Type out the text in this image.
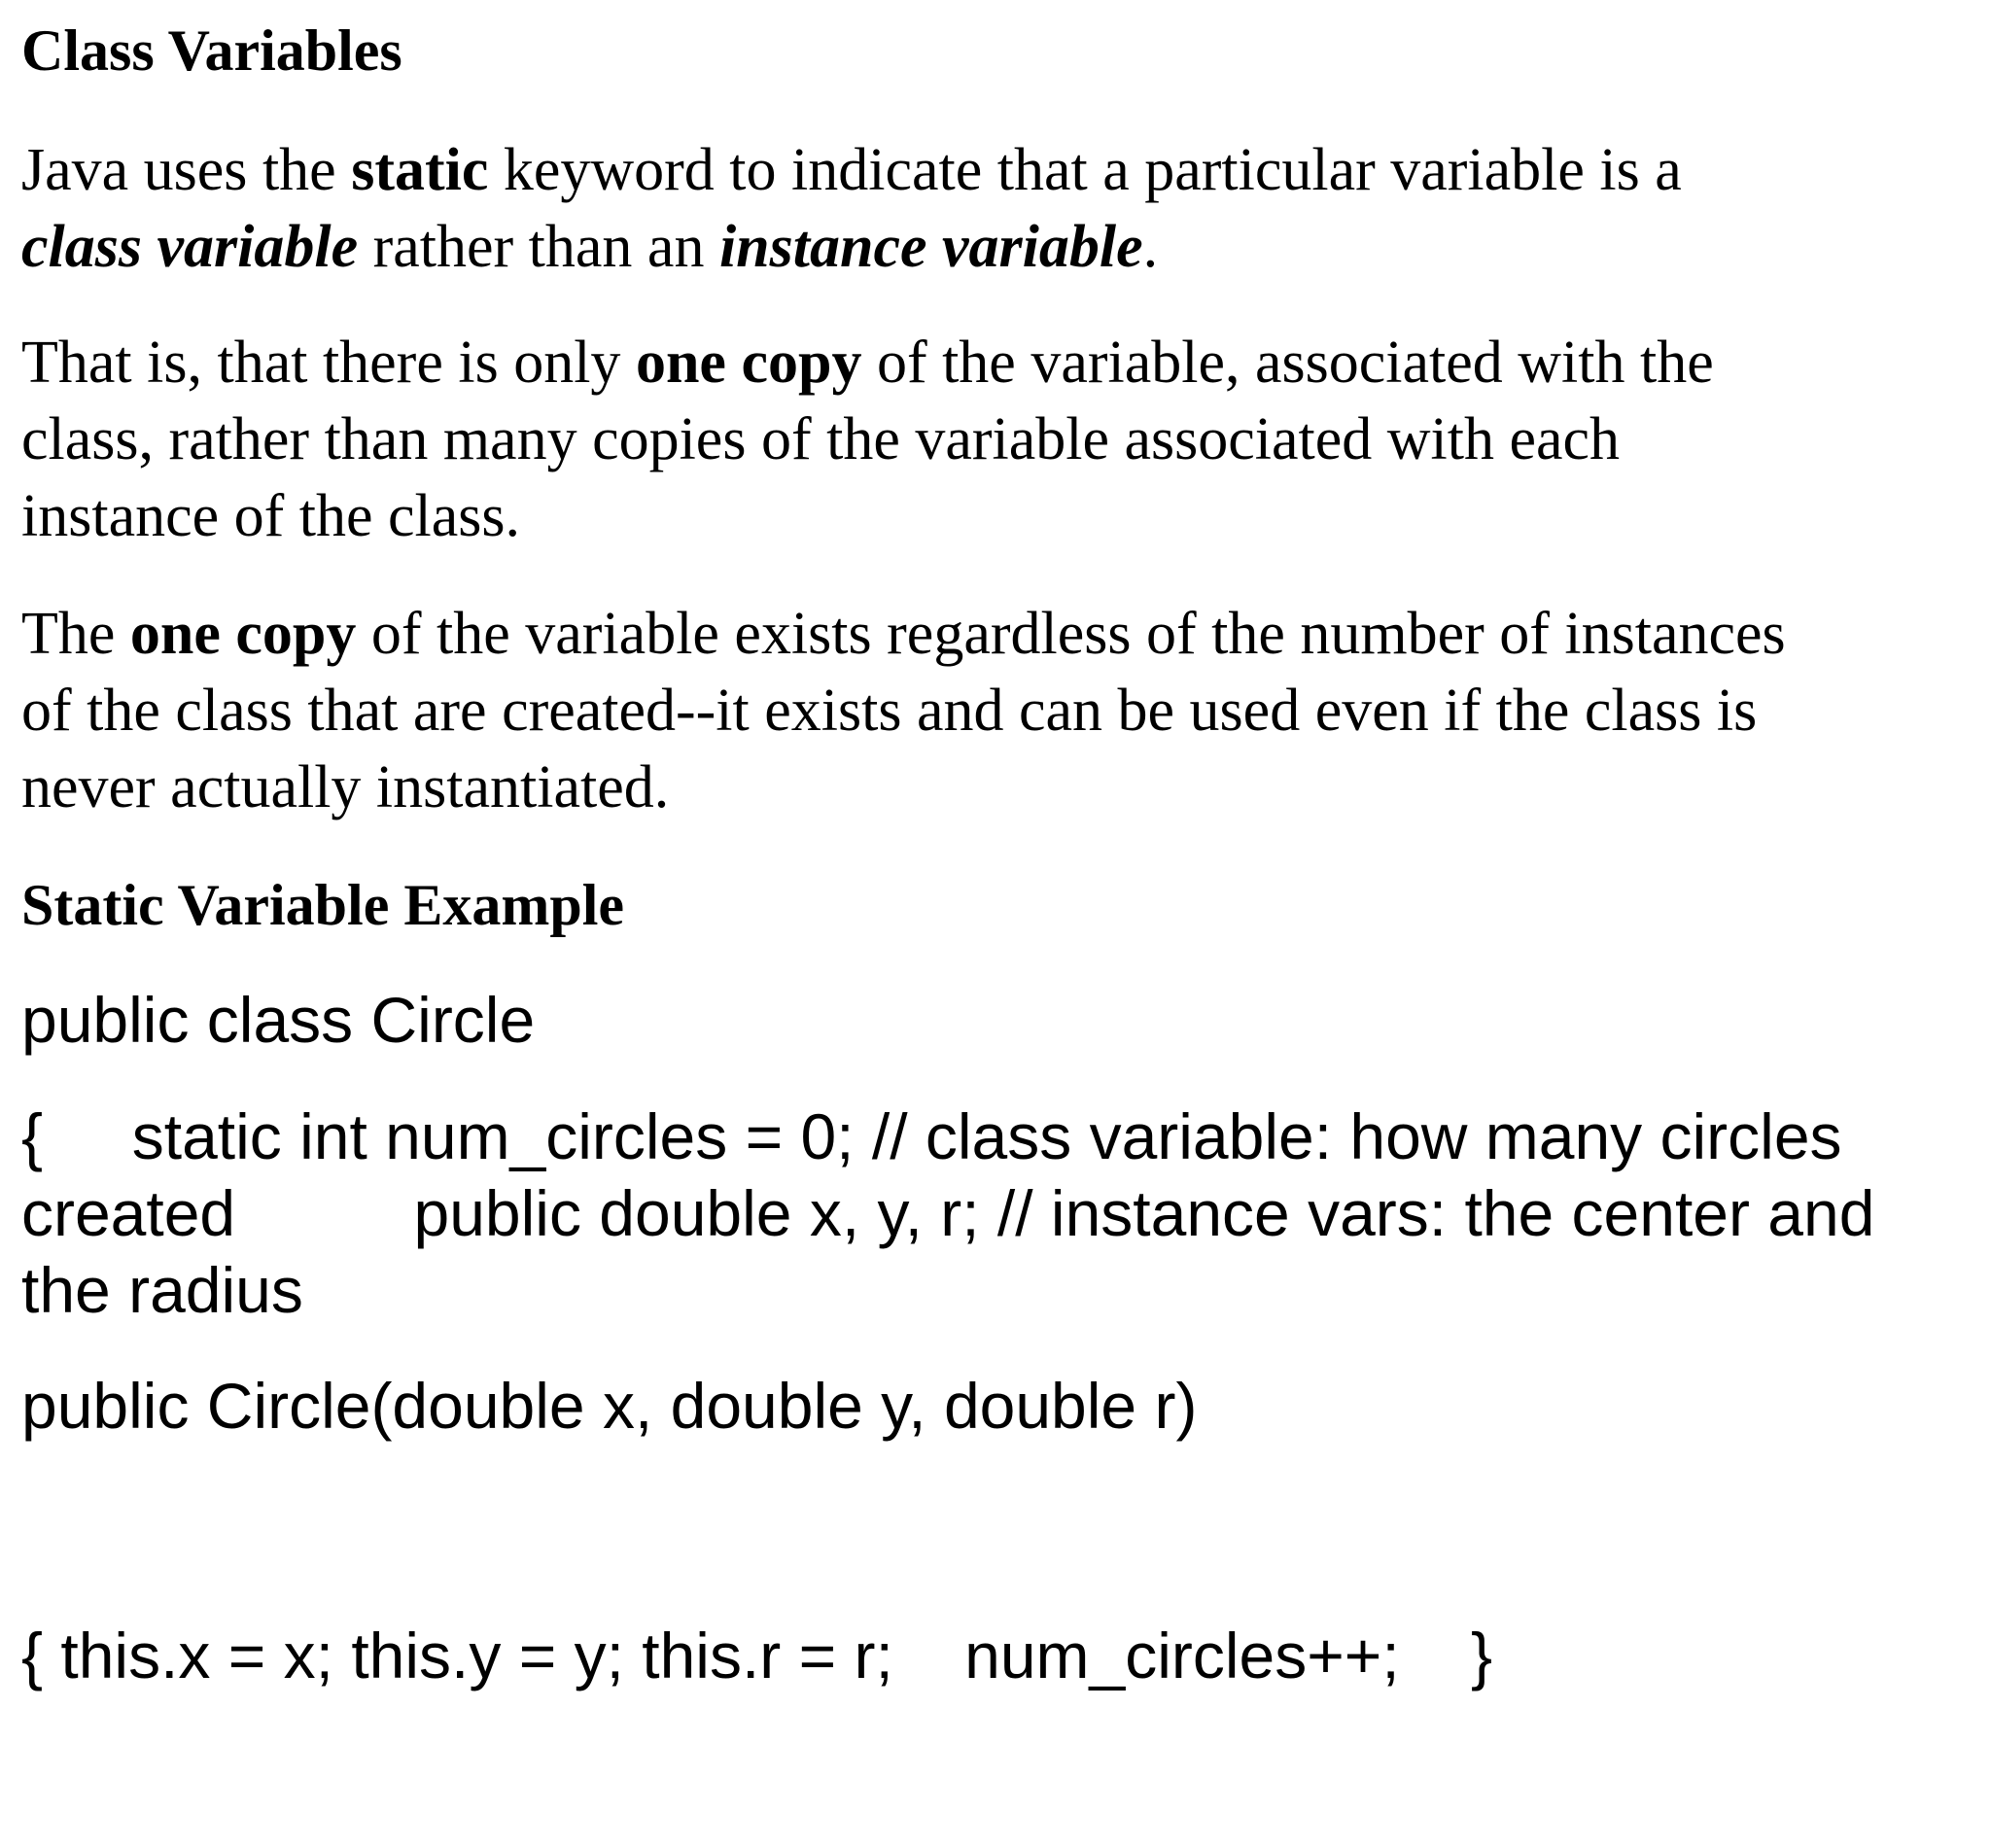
Class Variables

Java uses the static keyword to indicate that a particular variable is a
class variable rather than an instance variable.

That is, that there is only one copy of the variable, associated with the
class, rather than many copies of the variable associated with each
instance of the class.

The one copy of the variable exists regardless of the number of instances
of the class that are created--it exists and can be used even if the class is
never actually instantiated.

Static Variable Example

public class Circle

{     static int num_circles = 0; // class variable: how many circles
created          public double x, y, r; // instance vars: the center and
the radius

public Circle(double x, double y, double r)

{ this.x = x; this.y = y; this.r = r;    num_circles++;    }
